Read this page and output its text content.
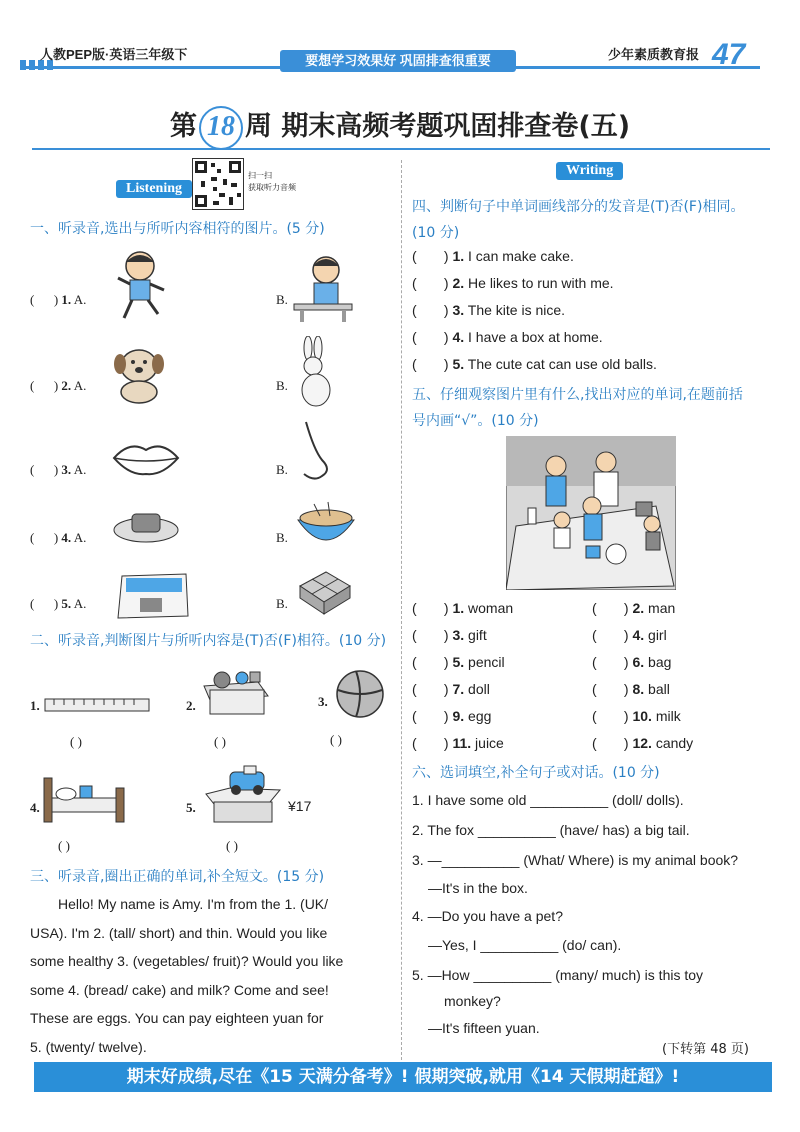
人教PEP版·英语三年级下	要想学习效果好 巩固排查很重要	少年素质教育报 47
第 18 周 期末高频考题巩固排查卷(五)
Listening
扫一扫
获取听力音频
一、听录音,选出与所听内容相符的图片。(5 分)
(      ) 1. A.	B.
(      ) 2. A.	B.
(      ) 3. A.	B.
(      ) 4. A.	B.
(      ) 5. A.	B.
二、听录音,判断图片与所听内容是(T)否(F)相符。(10 分)
1.	2.	3.
( )	( )	( )
4.	5.	¥17
( )	( )
三、听录音,圈出正确的单词,补全短文。(15 分)
Hello! My name is Amy. I'm from the 1. (UK/
USA). I'm 2. (tall/ short) and thin. Would you like
some healthy 3. (vegetables/ fruit)? Would you like
some 4. (bread/ cake) and milk? Come and see!
These are eggs. You can pay eighteen yuan for
5. (twenty/ twelve).
Writing
四、判断句子中单词画线部分的发音是(T)否(F)相同。
(10 分)
(       ) 1. I can make cake.
(       ) 2. He likes to run with me.
(       ) 3. The kite is nice.
(       ) 4. I have a box at home.
(       ) 5. The cute cat can use old balls.
五、仔细观察图片里有什么,找出对应的单词,在题前括
号内画“√”。(10 分)
(       ) 1. woman	(       ) 2. man
(       ) 3. gift	(       ) 4. girl
(       ) 5. pencil	(       ) 6. bag
(       ) 7. doll	(       ) 8. ball
(       ) 9. egg	(       ) 10. milk
(       ) 11. juice	(       ) 12. candy
六、选词填空,补全句子或对话。(10 分)
1. I have some old __________ (doll/ dolls).
2. The fox __________ (have/ has) a big tail.
3. —__________ (What/ Where) is my animal book?
—It's in the box.
4. —Do you have a pet?
—Yes, I __________ (do/ can).
5. —How __________ (many/ much) is this toy
monkey?
—It's fifteen yuan.
(下转第 48 页)
期末好成绩,尽在《15 天满分备考》! 假期突破,就用《14 天假期赶超》!
